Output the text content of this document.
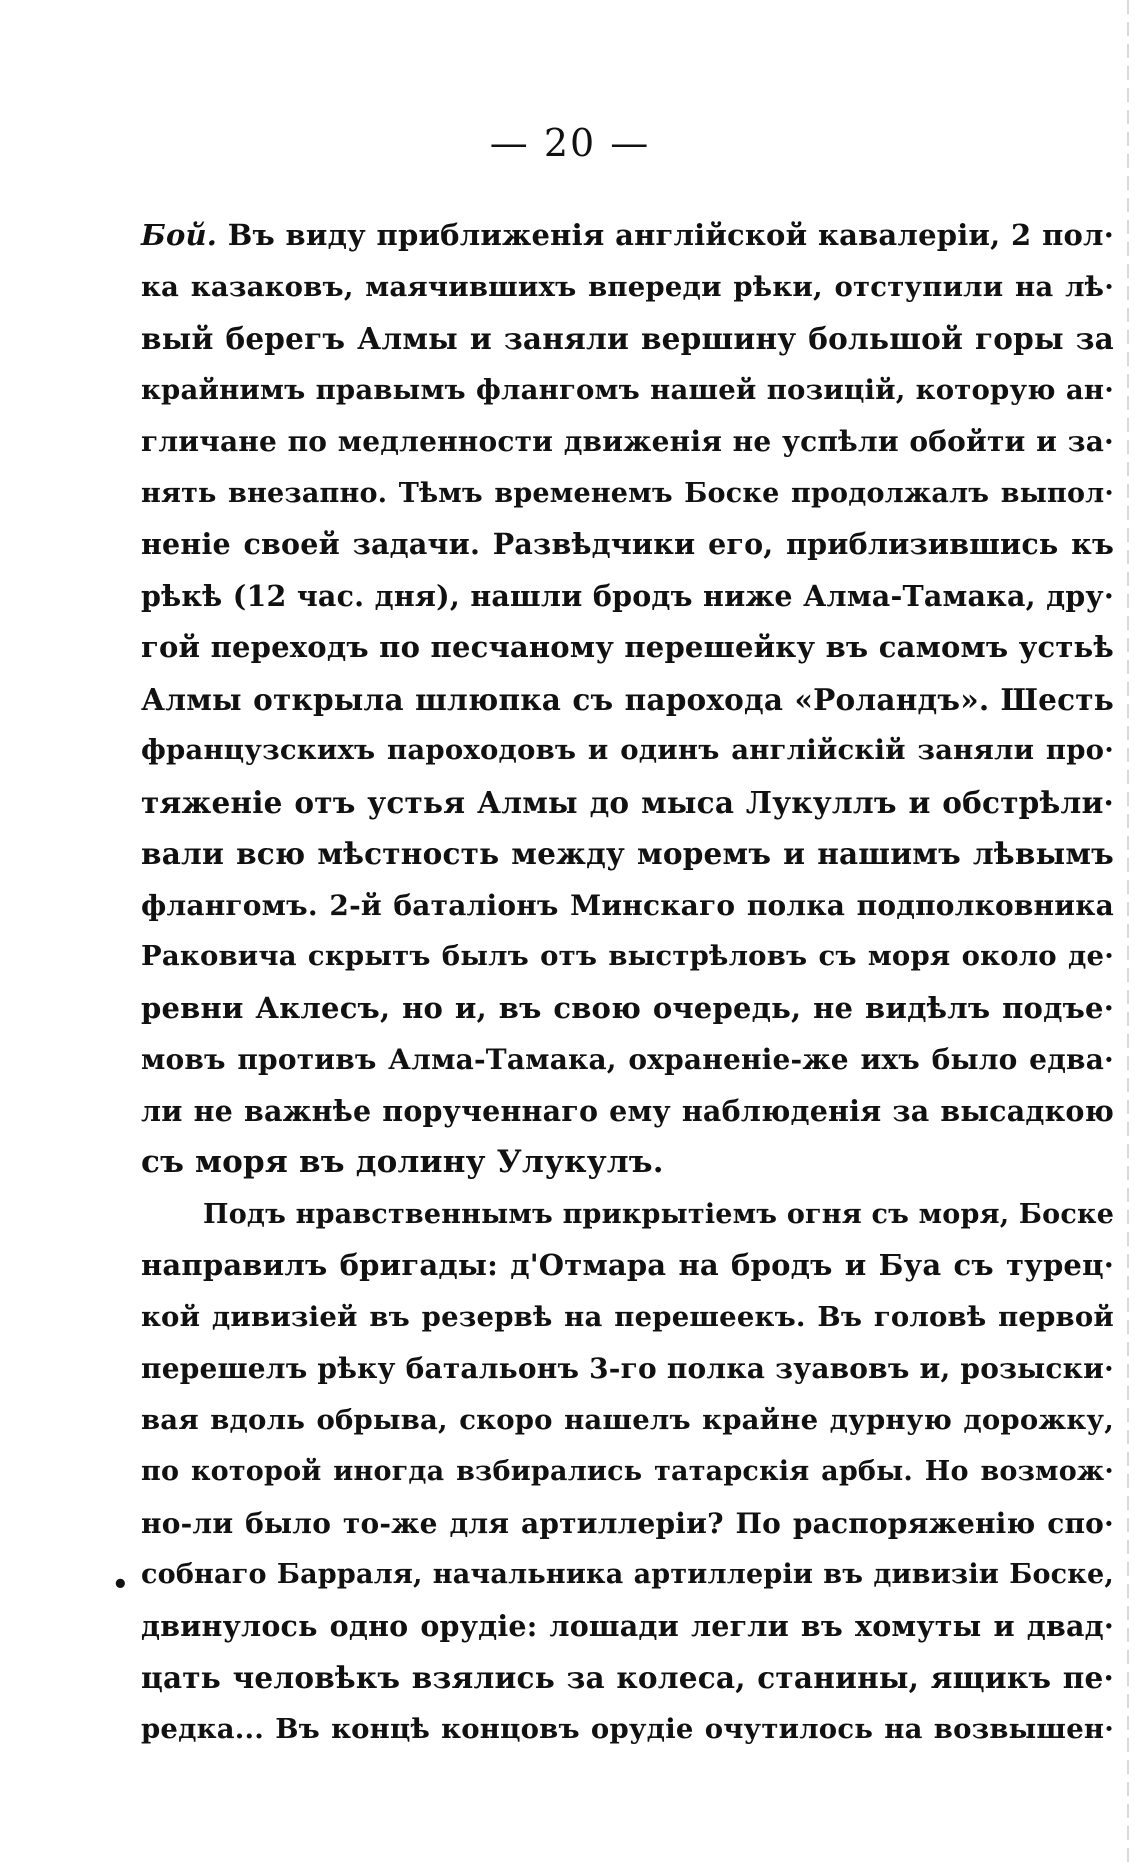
— 20 —
•
Бой. Въ виду приближенія англійской кавалеріи, 2 пол·
ка казаковъ, маячившихъ впереди рѣки, отступили на лѣ·
вый берегъ Алмы и заняли вершину большой горы за
крайнимъ правымъ флангомъ нашей позицій, которую ан·
гличане по медленности движенія не успѣли обойти и за·
нять внезапно. Тѣмъ временемъ Боске продолжалъ выпол·
неніе своей задачи. Развѣдчики его, приблизившись къ
рѣкѣ (12 час. дня), нашли бродъ ниже Алма-Тамака, дру·
гой переходъ по песчаному перешейку въ самомъ устьѣ
Алмы открыла шлюпка съ парохода «Роландъ». Шесть
французскихъ пароходовъ и одинъ англійскій заняли про·
тяженіе отъ устья Алмы до мыса Лукуллъ и обстрѣли·
вали всю мѣстность между моремъ и нашимъ лѣвымъ
флангомъ. 2-й баталіонъ Минскаго полка подполковника
Раковича скрытъ былъ отъ выстрѣловъ съ моря около де·
ревни Аклесъ, но и, въ свою очередь, не видѣлъ подъе·
мовъ противъ Алма-Тамака, охраненіе-же ихъ было едва·
ли не важнѣе порученнаго ему наблюденія за высадкою
съ моря въ долину Улукулъ.
Подъ нравственнымъ прикрытіемъ огня съ моря, Боске
направилъ бригады: д'Отмара на бродъ и Буа съ турец·
кой дивизіей въ резервѣ на перешеекъ. Въ головѣ первой
перешелъ рѣку батальонъ 3-го полка зуавовъ и, розыски·
вая вдоль обрыва, скоро нашелъ крайне дурную дорожку,
по которой иногда взбирались татарскія арбы. Но возмож·
но-ли было то-же для артиллеріи? По распоряженію спо·
собнаго Барраля, начальника артиллеріи въ дивизіи Боске,
двинулось одно орудіе: лошади легли въ хомуты и двад·
цать человѣкъ взялись за колеса, станины, ящикъ пе·
редка... Въ концѣ концовъ орудіе очутилось на возвышен·
